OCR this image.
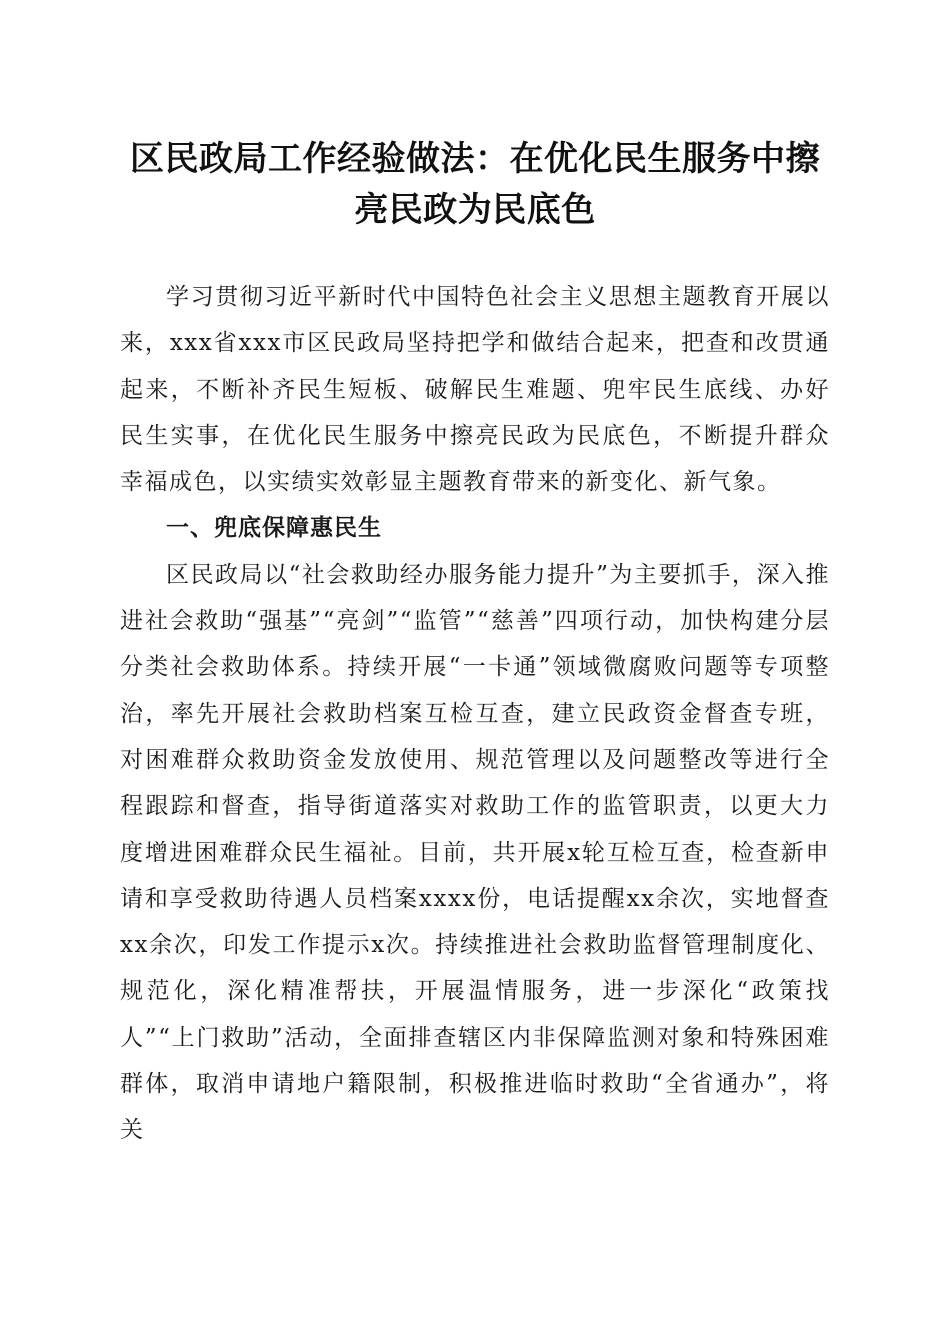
区民政局工作经验做法：在优化民生服务中擦
亮民政为民底色

学习贯彻习近平新时代中国特色社会主义思想主题教育开展以来，xxx省xxx市区民政局坚持把学和做结合起来，把查和改贯通起来，不断补齐民生短板、破解民生难题、兜牢民生底线、办好民生实事，在优化民生服务中擦亮民政为民底色，不断提升群众幸福成色，以实绩实效彰显主题教育带来的新变化、新气象。

一、兜底保障惠民生

区民政局以“社会救助经办服务能力提升”为主要抓手，深入推进社会救助“强基”“亮剑”“监管”“慈善”四项行动，加快构建分层分类社会救助体系。持续开展“一卡通”领域微腐败问题等专项整治，率先开展社会救助档案互检互查，建立民政资金督查专班，对困难群众救助资金发放使用、规范管理以及问题整改等进行全程跟踪和督查，指导街道落实对救助工作的监管职责，以更大力度增进困难群众民生福祉。目前，共开展x轮互检互查，检查新申请和享受救助待遇人员档案xxxx份，电话提醒xx余次，实地督查xx余次，印发工作提示x次。持续推进社会救助监督管理制度化、规范化，深化精准帮扶，开展温情服务，进一步深化“政策找人”“上门救助”活动，全面排查辖区内非保障监测对象和特殊困难群体，取消申请地户籍限制，积极推进临时救助“全省通办”，将关
